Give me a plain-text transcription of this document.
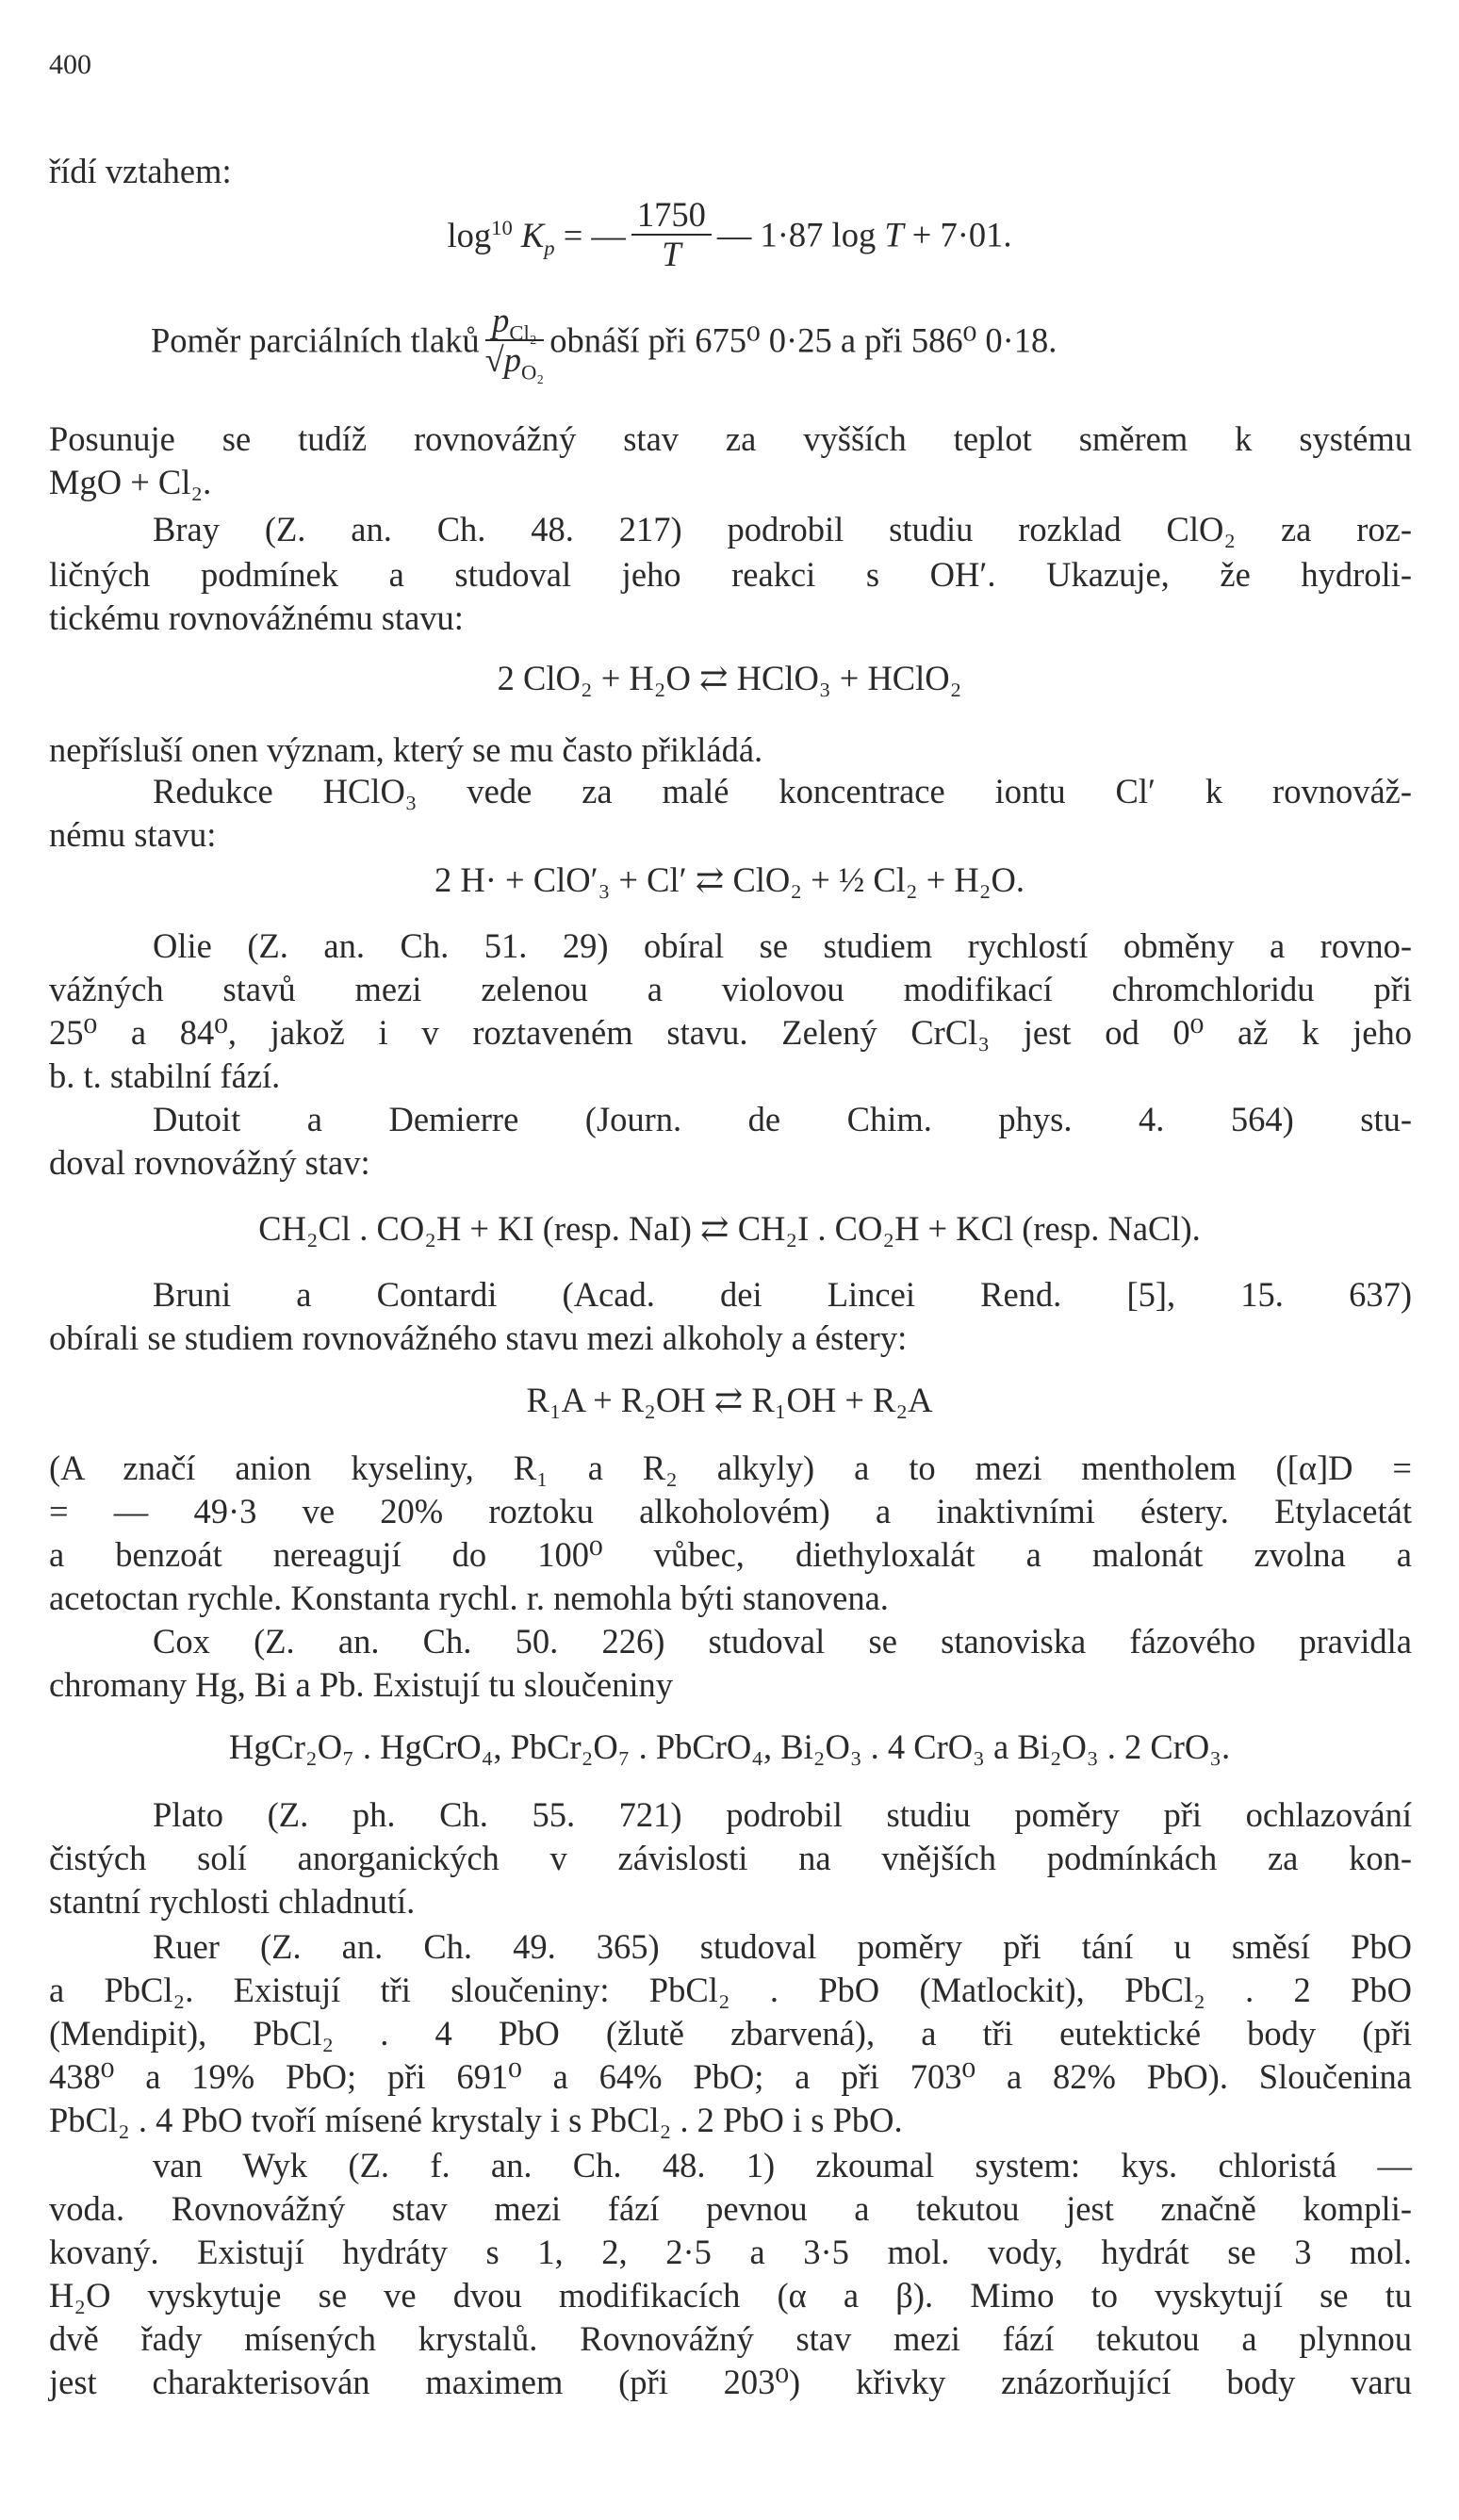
400
řídí vztahem:
$\log^{10} K_p$ = — $\frac{1750}{T}$ — 1·87 log T + 7·01.
Poměr parciálních tlaků $\frac{p_{Cl_2}}{√p_{O_2}}$ obnáší při 675⁰ 0·25 a při 586⁰ 0·18.
Posunuje se tudíž rovnovážný stav za vyšších teplot směrem k systému
MgO + Cl₂.
Bray (Z. an. Ch. 48. 217) podrobil studiu rozklad ClO₂ za roz-
ličných podmínek a studoval jeho reakci s OH′. Ukazuje, že hydroli-
tickému rovnovážnému stavu:
2 ClO₂ + H₂O ⇄ HClO₃ + HClO₂
nepřísluší onen význam, který se mu často přikládá.
Redukce HClO₃ vede za malé koncentrace iontu Cl′ k rovnováž-
nému stavu:
2 H· + ClO′₃ + Cl′ ⇄ ClO₂ + ½ Cl₂ + H₂O.
Olie (Z. an. Ch. 51. 29) obíral se studiem rychlostí obměny a rovno-
vážných stavů mezi zelenou a violovou modifikací chromchloridu při
25⁰ a 84⁰, jakož i v roztaveném stavu. Zelený CrCl₃ jest od 0⁰ až k jeho
b. t. stabilní fází.
Dutoit a Demierre (Journ. de Chim. phys. 4. 564) stu-
doval rovnovážný stav:
CH₂Cl . CO₂H + KI (resp. NaI) ⇄ CH₂I . CO₂H + KCl (resp. NaCl).
Bruni a Contardi (Acad. dei Lincei Rend. [5], 15. 637)
obírali se studiem rovnovážného stavu mezi alkoholy a éstery:
R₁A + R₂OH ⇄ R₁OH + R₂A
(A značí anion kyseliny, R₁ a R₂ alkyly) a to mezi mentholem ([α]D =
= — 49·3 ve 20% roztoku alkoholovém) a inaktivními éstery. Etylacetát
a benzoát nereagují do 100⁰ vůbec, diethyloxalát a malonát zvolna a
acetoctan rychle. Konstanta rychl. r. nemohla býti stanovena.
Cox (Z. an. Ch. 50. 226) studoval se stanoviska fázového pravidla
chromany Hg, Bi a Pb. Existují tu sloučeniny
HgCr₂O₇ . HgCrO₄, PbCr₂O₇ . PbCrO₄, Bi₂O₃ . 4 CrO₃ a Bi₂O₃ . 2 CrO₃.
Plato (Z. ph. Ch. 55. 721) podrobil studiu poměry při ochlazování
čistých solí anorganických v závislosti na vnějších podmínkách za kon-
stantní rychlosti chladnutí.
Ruer (Z. an. Ch. 49. 365) studoval poměry při tání u směsí PbO
a PbCl₂. Existují tři sloučeniny: PbCl₂ . PbO (Matlockit), PbCl₂ . 2 PbO
(Mendipit), PbCl₂ . 4 PbO (žlutě zbarvená), a tři eutektické body (při
438⁰ a 19% PbO; při 691⁰ a 64% PbO; a při 703⁰ a 82% PbO). Sloučenina
PbCl₂ . 4 PbO tvoří mísené krystaly i s PbCl₂ . 2 PbO i s PbO.
van Wyk (Z. f. an. Ch. 48. 1) zkoumal system: kys. chloristá —
voda. Rovnovážný stav mezi fází pevnou a tekutou jest značně kompli-
kovaný. Existují hydráty s 1, 2, 2·5 a 3·5 mol. vody, hydrát se 3 mol.
H₂O vyskytuje se ve dvou modifikacích (α a β). Mimo to vyskytují se tu
dvě řady mísených krystalů. Rovnovážný stav mezi fází tekutou a plynnou
jest charakterisován maximem (při 203⁰) křivky znázorňující body varu
